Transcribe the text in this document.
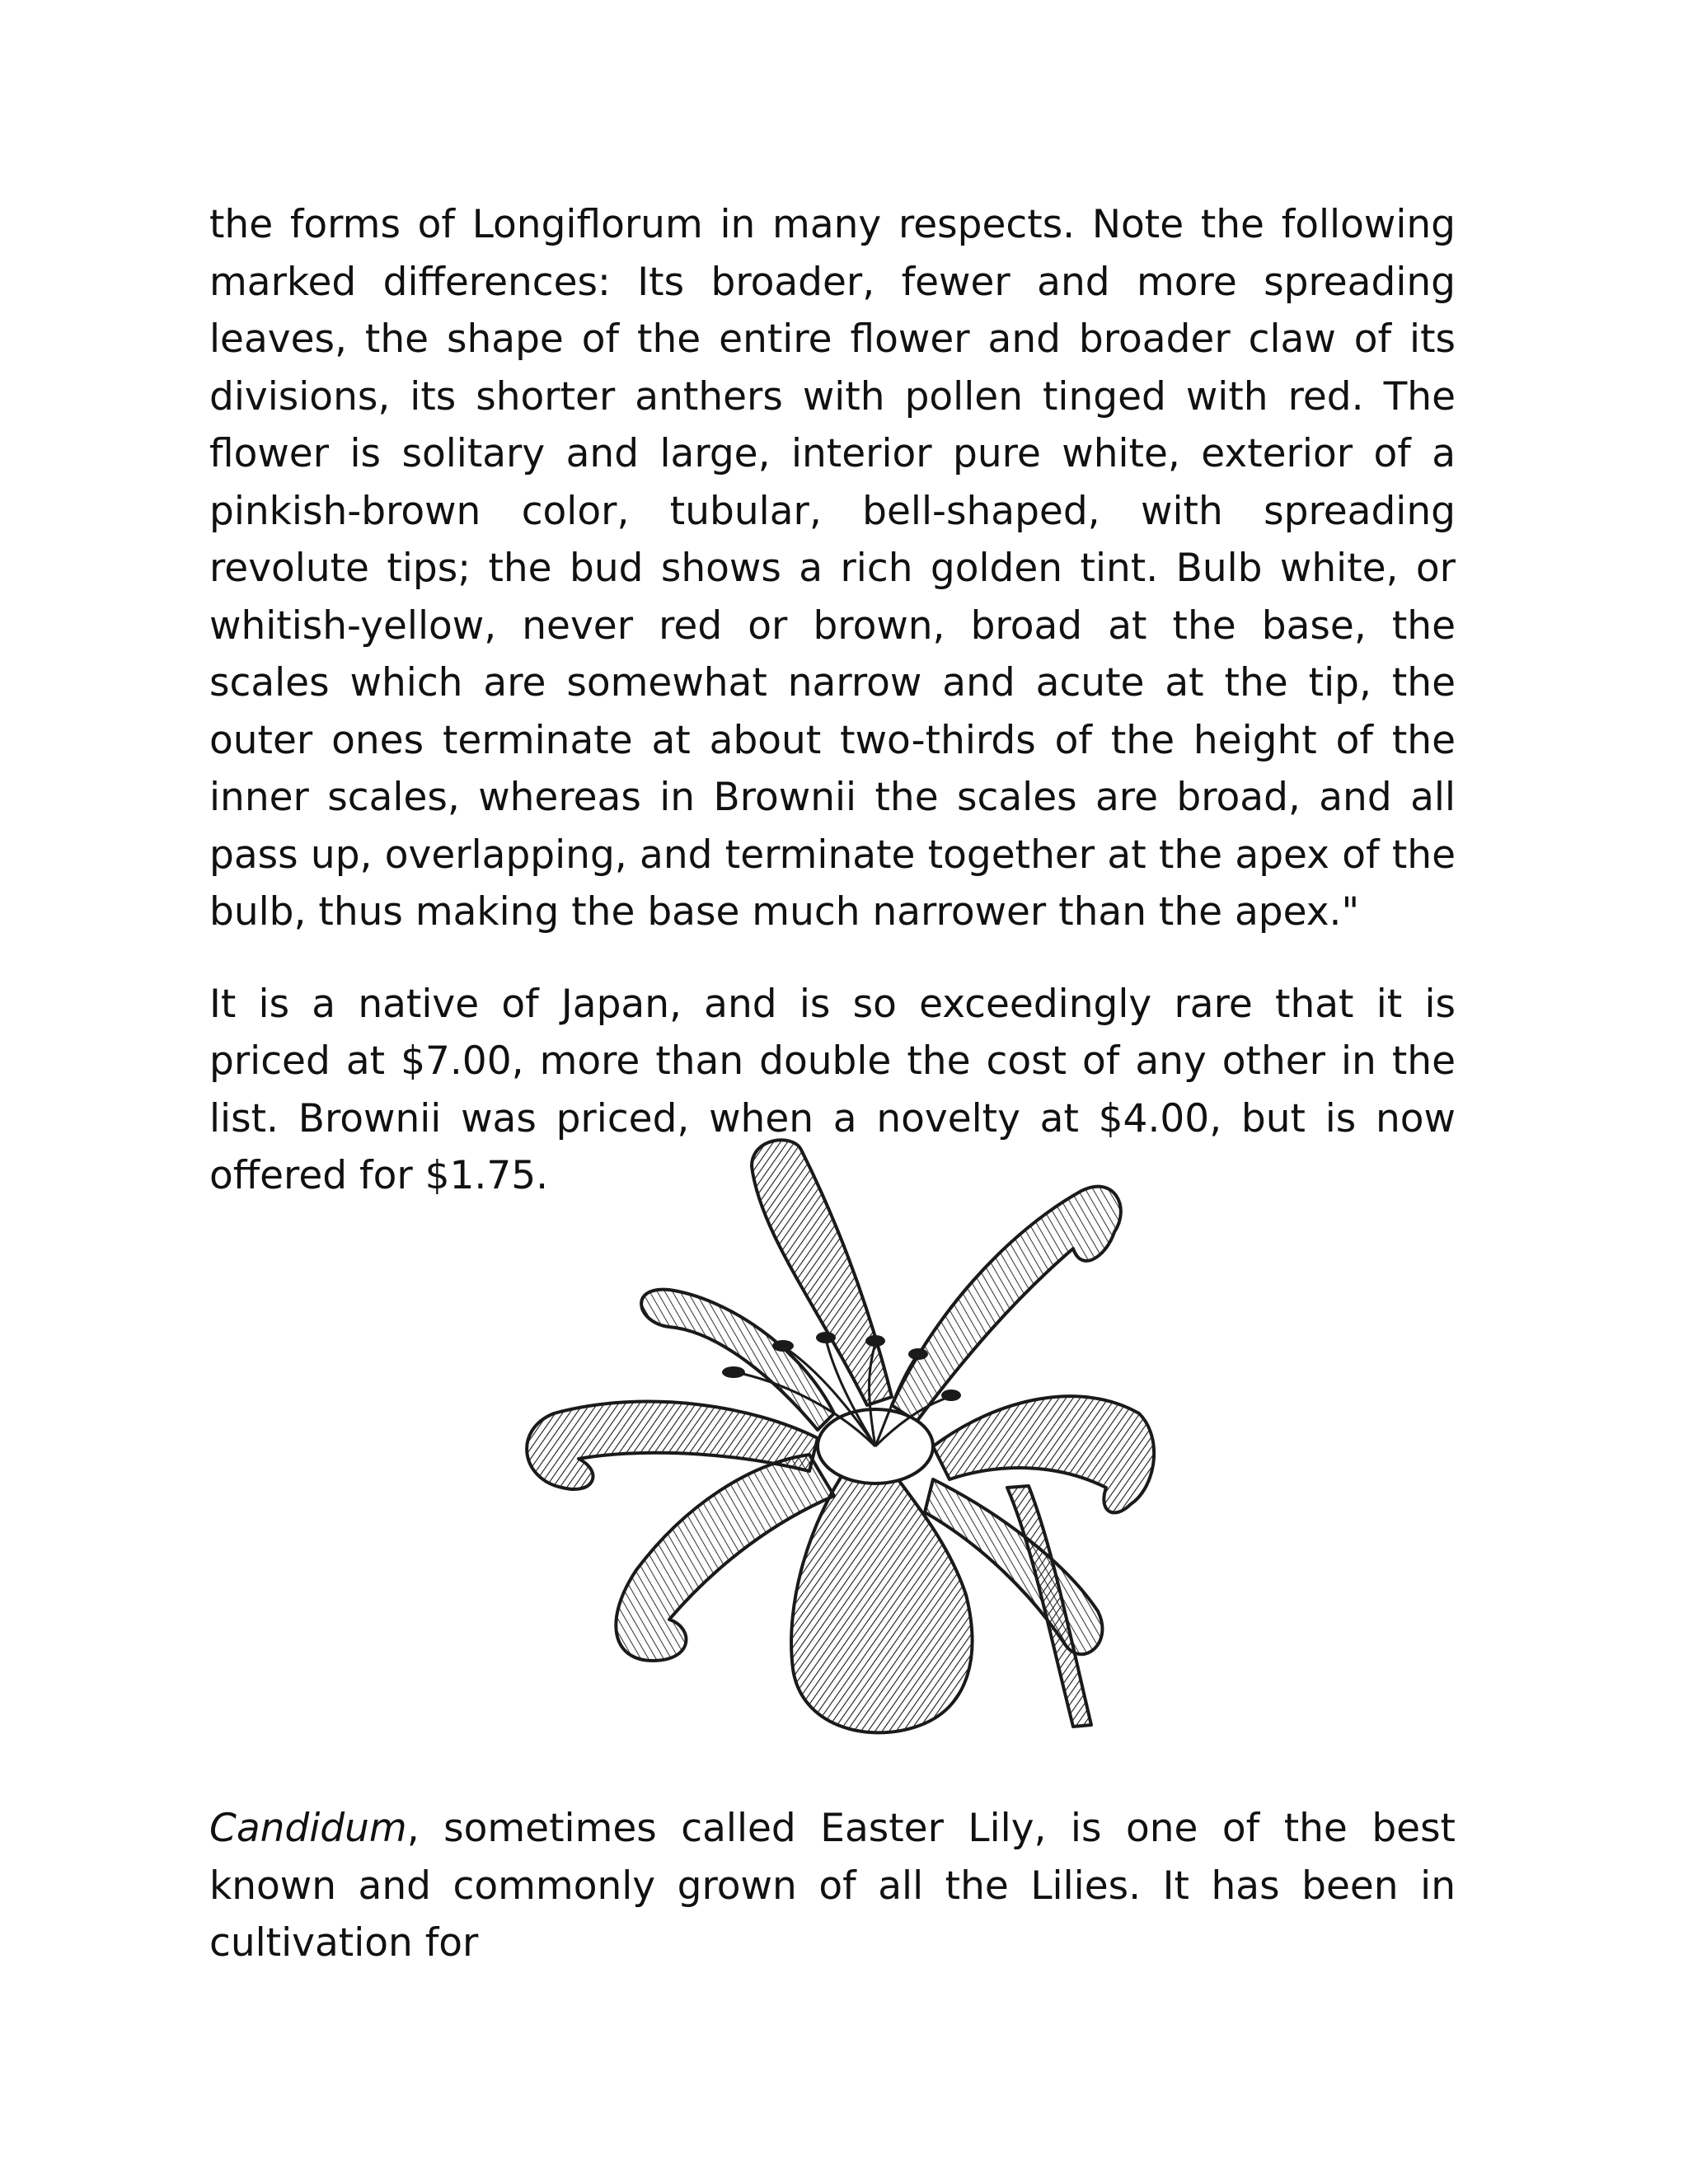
the forms of Longiflorum in many respects. Note the following marked differences: Its broader, fewer and more spreading leaves, the shape of the entire flower and broader claw of its divisions, its shorter anthers with pollen tinged with red. The flower is solitary and large, interior pure white, exterior of a pinkish-brown color, tubular, bell-shaped, with spreading revolute tips; the bud shows a rich golden tint. Bulb white, or whitish-yellow, never red or brown, broad at the base, the scales which are somewhat narrow and acute at the tip, the outer ones terminate at about two-thirds of the height of the inner scales, whereas in Brownii the scales are broad, and all pass up, overlapping, and terminate together at the apex of the bulb, thus making the base much narrower than the apex."

It is a native of Japan, and is so exceedingly rare that it is priced at $7.00, more than double the cost of any other in the list. Brownii was priced, when a novelty at $4.00, but is now offered for $1.75.

Candidum, sometimes called Easter Lily, is one of the best known and commonly grown of all the Lilies. It has been in cultivation for
